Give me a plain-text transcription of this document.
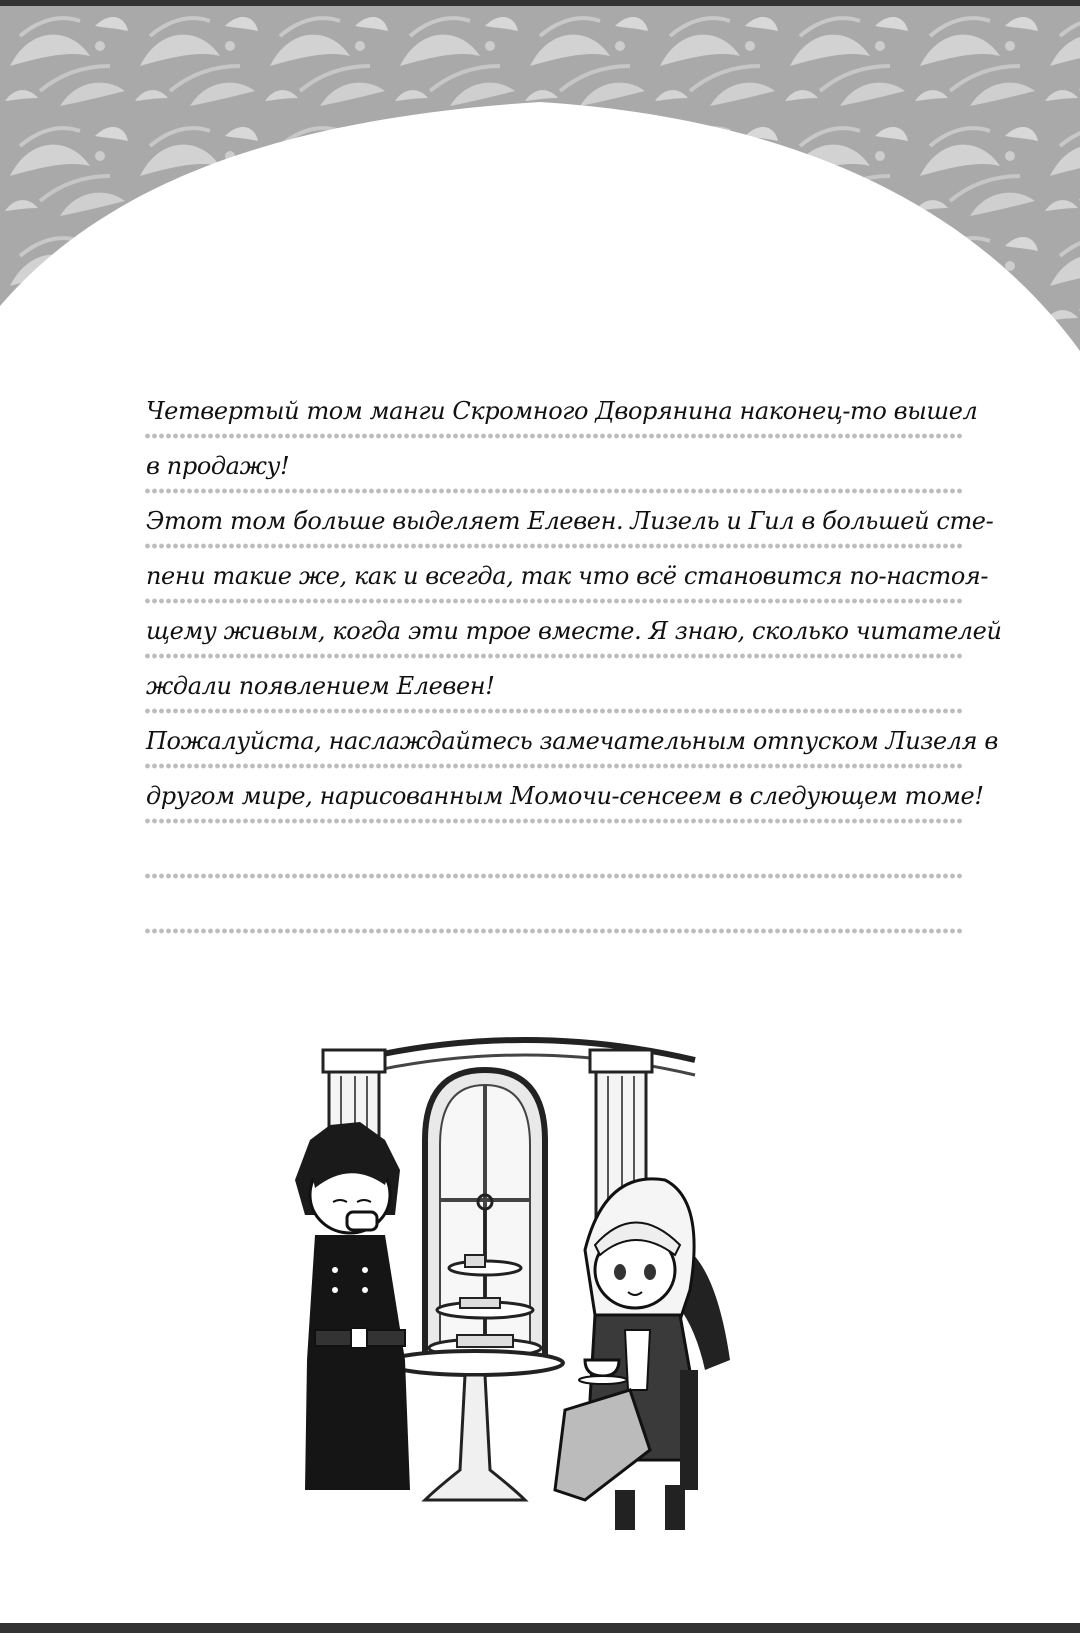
Четвертый том манги Скромного Дворянина наконец-то вышел
в продажу!
Этот том больше выделяет Елевен. Лизель и Гил в большей сте-
пени такие же, как и всегда, так что всё становится по-настоя-
щему живым, когда эти трое вместе. Я знаю, сколько читателей
ждали появлением Елевен!
Пожалуйста, наслаждайтесь замечательным отпуском Лизеля в
другом мире, нарисованным Момочи-сенсеем в следующем томе!
